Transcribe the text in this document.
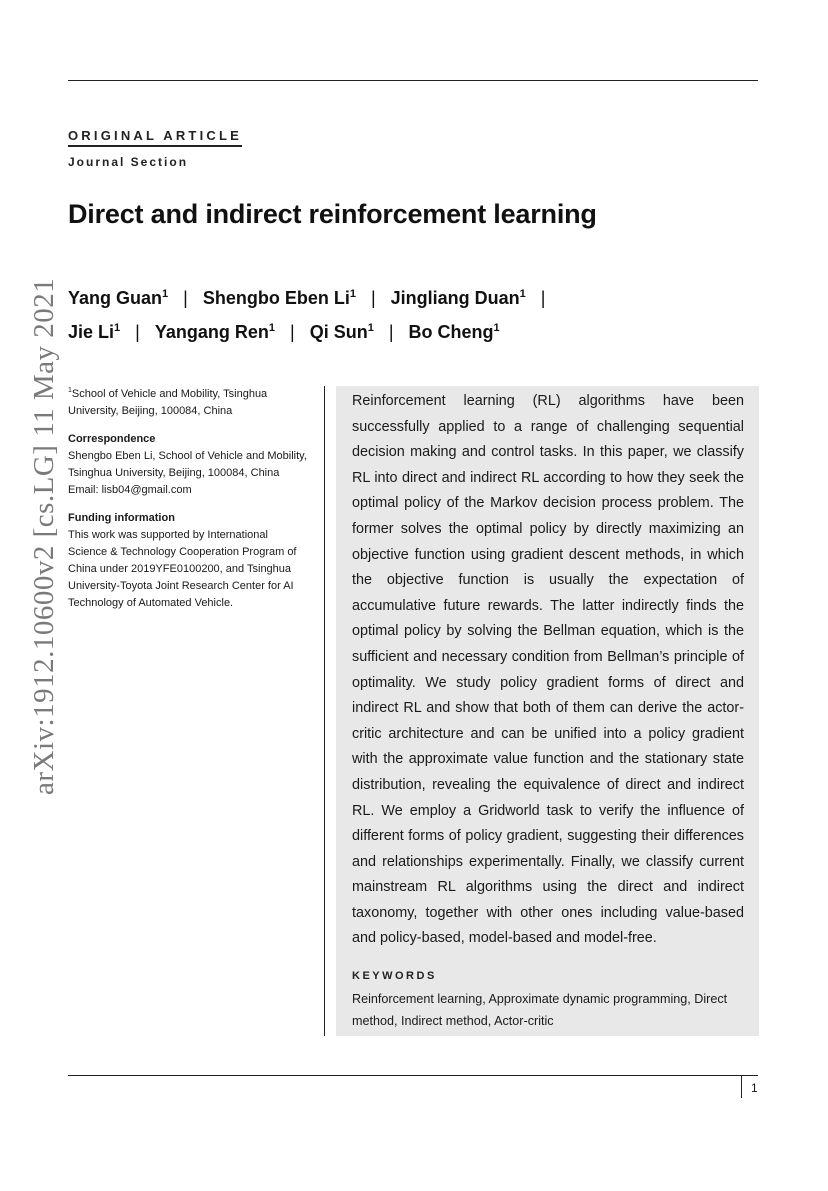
arXiv:1912.10600v2 [cs.LG] 11 May 2021
ORIGINAL ARTICLE
Journal Section
Direct and indirect reinforcement learning
Yang Guan$^1$ | Shengbo Eben Li$^1$ | Jingliang Duan$^1$ |
Jie Li$^1$ | Yangang Ren$^1$ | Qi Sun$^1$ | Bo Cheng$^1$
$^1$School of Vehicle and Mobility, Tsinghua University, Beijing, 100084, China
Correspondence
Shengbo Eben Li, School of Vehicle and Mobility, Tsinghua University, Beijing, 100084, China
Email: lisb04@gmail.com
Funding information
This work was supported by International Science & Technology Cooperation Program of China under 2019YFE0100200, and Tsinghua University-Toyota Joint Research Center for AI Technology of Automated Vehicle.
Reinforcement learning (RL) algorithms have been successfully applied to a range of challenging sequential decision making and control tasks. In this paper, we classify RL into direct and indirect RL according to how they seek the optimal policy of the Markov decision process problem. The former solves the optimal policy by directly maximizing an objective function using gradient descent methods, in which the objective function is usually the expectation of accumulative future rewards. The latter indirectly finds the optimal policy by solving the Bellman equation, which is the sufficient and necessary condition from Bellman’s principle of optimality. We study policy gradient forms of direct and indirect RL and show that both of them can derive the actor-critic architecture and can be unified into a policy gradient with the approximate value function and the stationary state distribution, revealing the equivalence of direct and indirect RL. We employ a Gridworld task to verify the influence of different forms of policy gradient, suggesting their differences and relationships experimentally. Finally, we classify current mainstream RL algorithms using the direct and indirect taxonomy, together with other ones including value-based and policy-based, model-based and model-free.
KEYWORDS
Reinforcement learning, Approximate dynamic programming, Direct method, Indirect method, Actor-critic
1
